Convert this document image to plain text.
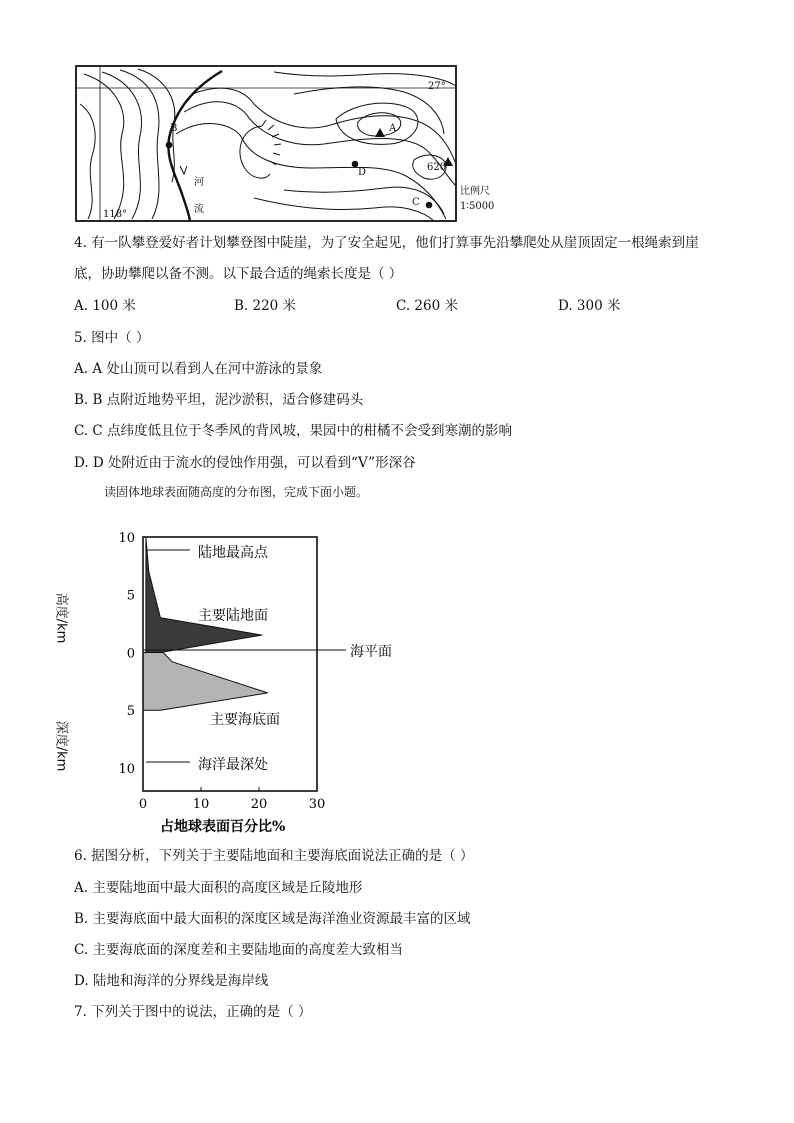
27°
118°
A
B
C
D	620
河
流
比例尺
1∶5000
4. 有一队攀登爱好者计划攀登图中陡崖，为了安全起见，他们打算事先沿攀爬处从崖顶固定一根绳索到崖
底，协助攀爬以备不测。以下最合适的绳索长度是（ ）
A. 100 米	B. 220 米	C. 260 米	D. 300 米
5. 图中（ ）
A. A 处山顶可以看到人在河中游泳的景象
B. B 点附近地势平坦，泥沙淤积，适合修建码头
C. C 点纬度低且位于冬季风的背风坡，果园中的柑橘不会受到寒潮的影响
D. D 处附近由于流水的侵蚀作用强，可以看到“V”形深谷
读固体地球表面随高度的分布图，完成下面小题。
0	10	20	30
10
5
0
5
10
陆地最高点
主要陆地面
海平面
主要海底面
海洋最深处
占地球表面百分比%
高度/km
深度/km
6. 据图分析，下列关于主要陆地面和主要海底面说法正确的是（ ）
A. 主要陆地面中最大面积的高度区域是丘陵地形
B. 主要海底面中最大面积的深度区域是海洋渔业资源最丰富的区域
C. 主要海底面的深度差和主要陆地面的高度差大致相当
D. 陆地和海洋的分界线是海岸线
7. 下列关于图中的说法，正确的是（ ）
